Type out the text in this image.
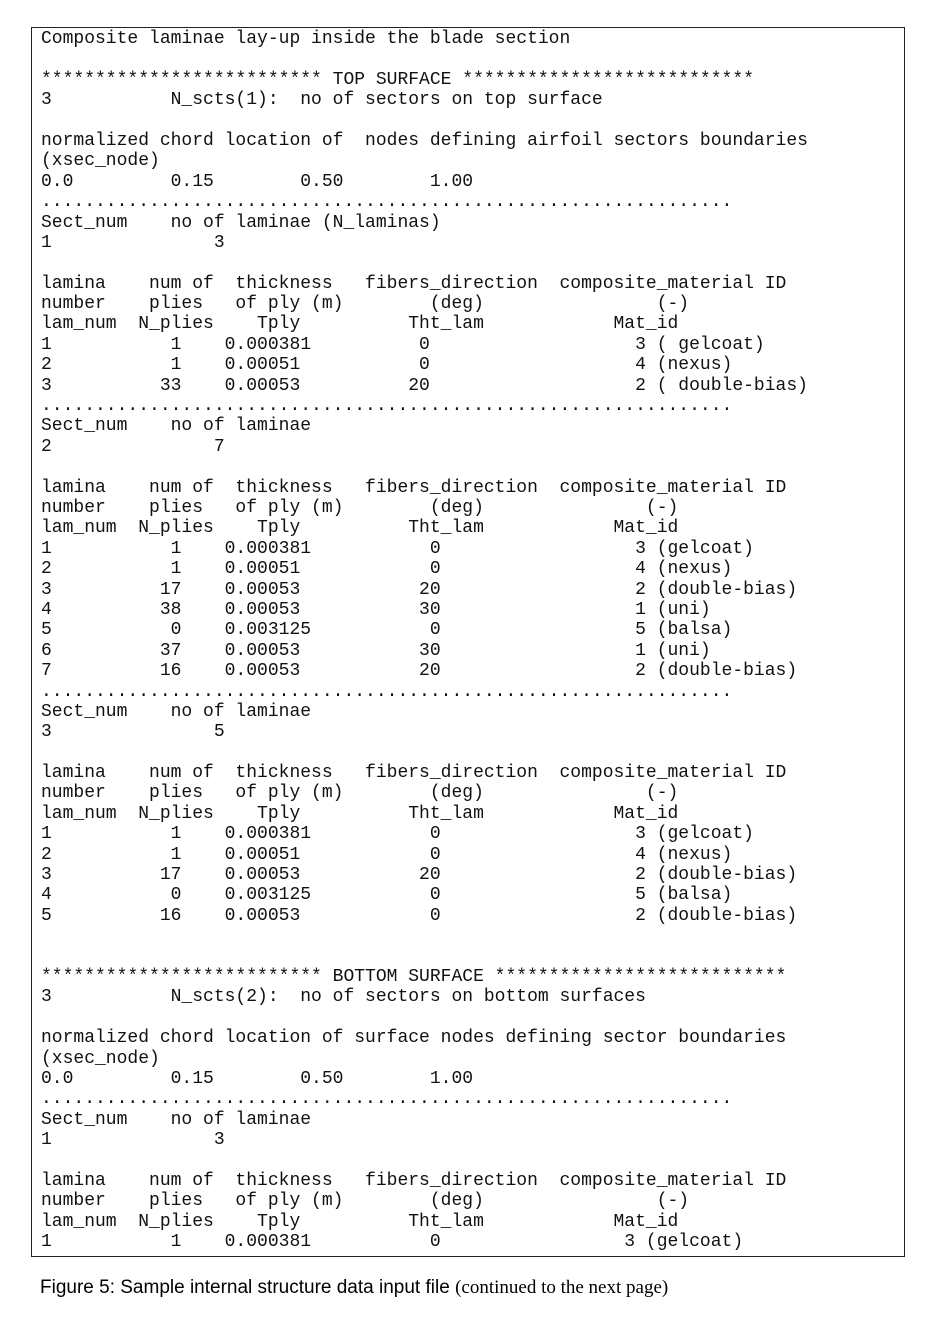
Composite laminae lay-up inside the blade section
************************** TOP SURFACE ***************************
3           N_scts(1):  no of sectors on top surface
normalized chord location of  nodes defining airfoil sectors boundaries
(xsec_node)
0.0         0.15        0.50        1.00
................................................................
Sect_num    no of laminae (N_laminas)
1               3
lamina    num of  thickness   fibers_direction  composite_material ID
number    plies   of ply (m)        (deg)                (-)
lam_num  N_plies    Tply          Tht_lam            Mat_id
1           1    0.000381          0                   3 ( gelcoat)
2           1    0.00051           0                   4 (nexus)
3          33    0.00053          20                   2 ( double-bias)
................................................................
Sect_num    no of laminae
2               7
lamina    num of  thickness   fibers_direction  composite_material ID
number    plies   of ply (m)        (deg)               (-)
lam_num  N_plies    Tply          Tht_lam            Mat_id
1           1    0.000381           0                  3 (gelcoat)
2           1    0.00051            0                  4 (nexus)
3          17    0.00053           20                  2 (double-bias)
4          38    0.00053           30                  1 (uni)
5           0    0.003125           0                  5 (balsa)
6          37    0.00053           30                  1 (uni)
7          16    0.00053           20                  2 (double-bias)
................................................................
Sect_num    no of laminae
3               5
lamina    num of  thickness   fibers_direction  composite_material ID
number    plies   of ply (m)        (deg)               (-)
lam_num  N_plies    Tply          Tht_lam            Mat_id
1           1    0.000381           0                  3 (gelcoat)
2           1    0.00051            0                  4 (nexus)
3          17    0.00053           20                  2 (double-bias)
4           0    0.003125           0                  5 (balsa)
5          16    0.00053            0                  2 (double-bias)
************************** BOTTOM SURFACE ***************************
3           N_scts(2):  no of sectors on bottom surfaces
normalized chord location of surface nodes defining sector boundaries
(xsec_node)
0.0         0.15        0.50        1.00
................................................................
Sect_num    no of laminae
1               3
lamina    num of  thickness   fibers_direction  composite_material ID
number    plies   of ply (m)        (deg)                (-)
lam_num  N_plies    Tply          Tht_lam            Mat_id
1           1    0.000381           0                 3 (gelcoat)
Figure 5: Sample internal structure data input file (continued to the next page)
